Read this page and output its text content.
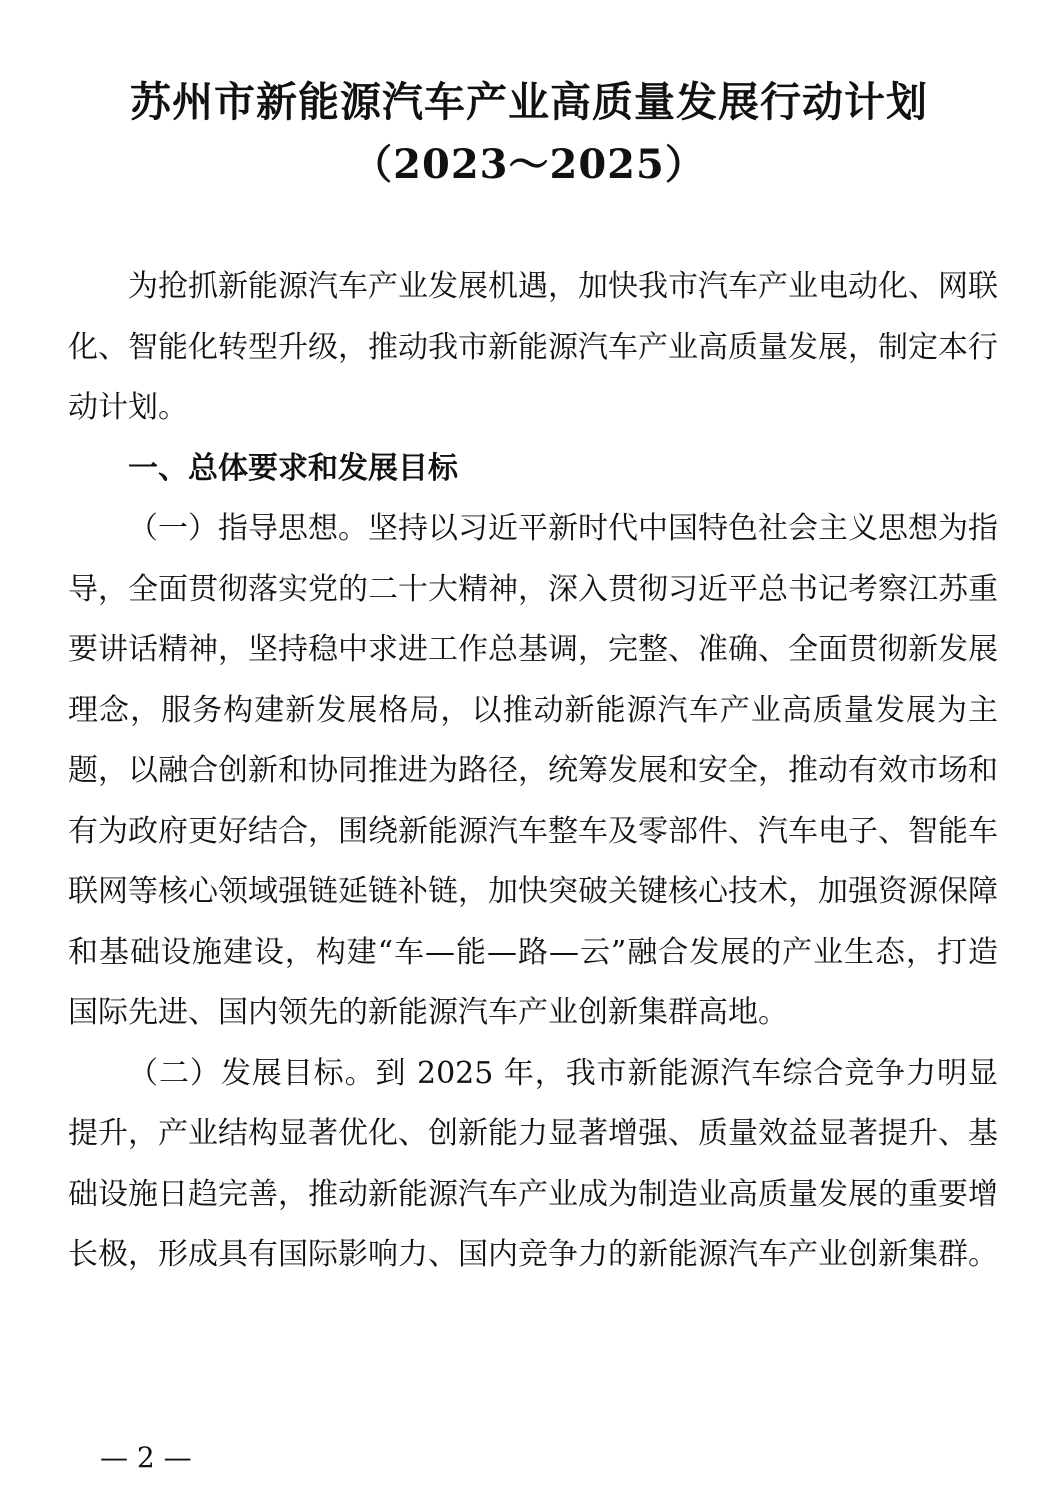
苏州市新能源汽车产业高质量发展行动计划
（2023～2025）

为抢抓新能源汽车产业发展机遇，加快我市汽车产业电动化、网联化、智能化转型升级，推动我市新能源汽车产业高质量发展，制定本行动计划。

一、总体要求和发展目标

（一）指导思想。坚持以习近平新时代中国特色社会主义思想为指导，全面贯彻落实党的二十大精神，深入贯彻习近平总书记考察江苏重要讲话精神，坚持稳中求进工作总基调，完整、准确、全面贯彻新发展理念，服务构建新发展格局，以推动新能源汽车产业高质量发展为主题，以融合创新和协同推进为路径，统筹发展和安全，推动有效市场和有为政府更好结合，围绕新能源汽车整车及零部件、汽车电子、智能车联网等核心领域强链延链补链，加快突破关键核心技术，加强资源保障和基础设施建设，构建“车—能—路—云”融合发展的产业生态，打造国际先进、国内领先的新能源汽车产业创新集群高地。

（二）发展目标。到 2025 年，我市新能源汽车综合竞争力明显提升，产业结构显著优化、创新能力显著增强、质量效益显著提升、基础设施日趋完善，推动新能源汽车产业成为制造业高质量发展的重要增长极，形成具有国际影响力、国内竞争力的新能源汽车产业创新集群。

— 2 —
